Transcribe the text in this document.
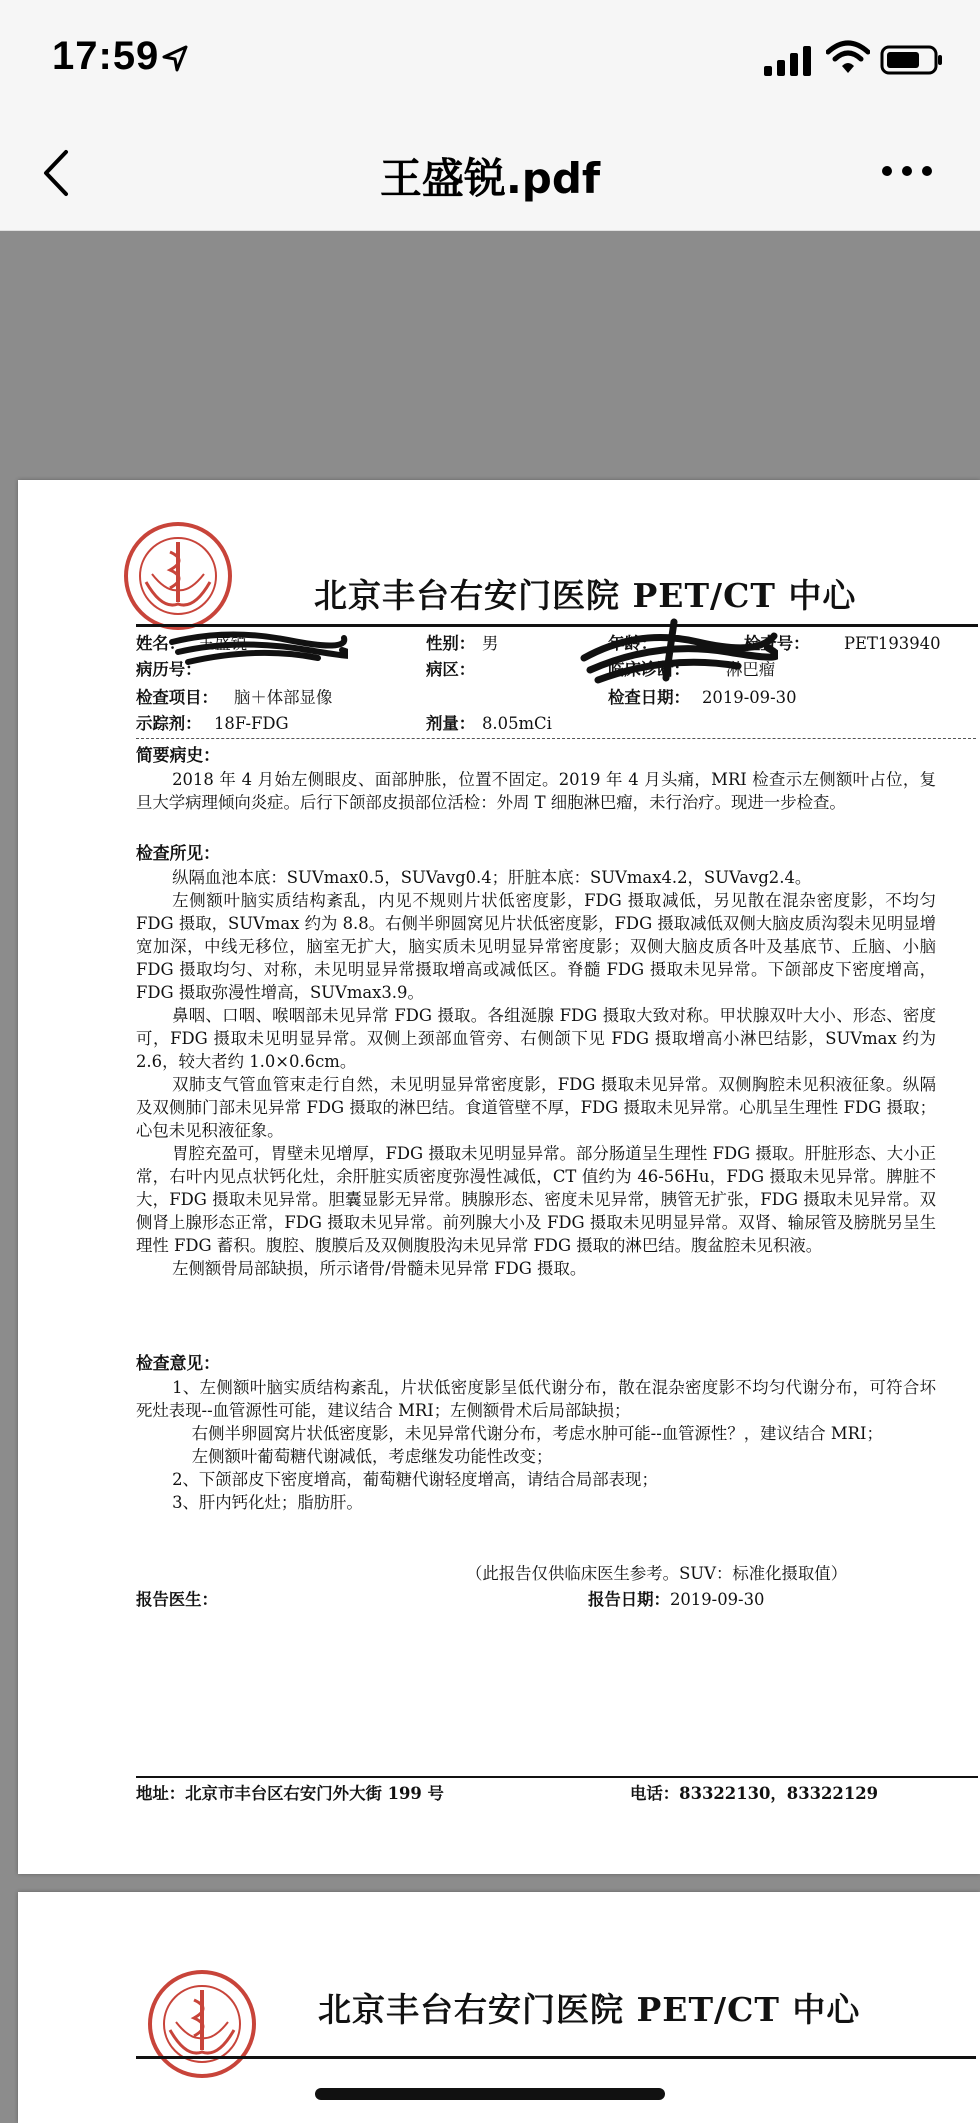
17:59
王盛锐.pdf
北京丰台右安门医院 PET/CT 中心
姓名： 王盛锐	性别： 男	年龄：	检查号： PET193940
病历号：	病区：	临床诊断： 淋巴瘤
检查项目： 脑＋体部显像	检查日期： 2019-09-30
示踪剂： 18F-FDG	剂量： 8.05mCi
简要病史：
2018 年 4 月始左侧眼皮、面部肿胀，位置不固定。2019 年 4 月头痛，MRI 检查示左侧额叶占位，复旦大学病理倾向炎症。后行下颌部皮损部位活检：外周 T 细胞淋巴瘤，未行治疗。现进一步检查。
检查所见：

纵隔血池本底：SUVmax0.5，SUVavg0.4；肝脏本底：SUVmax4.2，SUVavg2.4。

左侧额叶脑实质结构紊乱，内见不规则片状低密度影，FDG 摄取减低，另见散在混杂密度影，不均匀 FDG 摄取，SUVmax 约为 8.8。右侧半卵圆窝见片状低密度影，FDG 摄取减低双侧大脑皮质沟裂未见明显增宽加深，中线无移位，脑室无扩大，脑实质未见明显异常密度影；双侧大脑皮质各叶及基底节、丘脑、小脑 FDG 摄取均匀、对称，未见明显异常摄取增高或减低区。脊髓 FDG 摄取未见异常。下颌部皮下密度增高，FDG 摄取弥漫性增高，SUVmax3.9。

鼻咽、口咽、喉咽部未见异常 FDG 摄取。各组涎腺 FDG 摄取大致对称。甲状腺双叶大小、形态、密度可，FDG 摄取未见明显异常。双侧上颈部血管旁、右侧颌下见 FDG 摄取增高小淋巴结影，SUVmax 约为 2.6，较大者约 1.0×0.6cm。

双肺支气管血管束走行自然，未见明显异常密度影，FDG 摄取未见异常。双侧胸腔未见积液征象。纵隔及双侧肺门部未见异常 FDG 摄取的淋巴结。食道管壁不厚，FDG 摄取未见异常。心肌呈生理性 FDG 摄取；心包未见积液征象。

胃腔充盈可，胃壁未见增厚，FDG 摄取未见明显异常。部分肠道呈生理性 FDG 摄取。肝脏形态、大小正常，右叶内见点状钙化灶，余肝脏实质密度弥漫性减低，CT 值约为 46-56Hu，FDG 摄取未见异常。脾脏不大，FDG 摄取未见异常。胆囊显影无异常。胰腺形态、密度未见异常，胰管无扩张，FDG 摄取未见异常。双侧肾上腺形态正常，FDG 摄取未见异常。前列腺大小及 FDG 摄取未见明显异常。双肾、输尿管及膀胱另呈生理性 FDG 蓄积。腹腔、腹膜后及双侧腹股沟未见异常 FDG 摄取的淋巴结。腹盆腔未见积液。

左侧额骨局部缺损，所示诸骨/骨髓未见异常 FDG 摄取。

检查意见：

1、左侧额叶脑实质结构紊乱，片状低密度影呈低代谢分布，散在混杂密度影不均匀代谢分布，可符合坏死灶表现--血管源性可能，建议结合 MRI；左侧额骨术后局部缺损；

右侧半卵圆窝片状低密度影，未见异常代谢分布，考虑水肿可能--血管源性？，建议结合 MRI；

左侧额叶葡萄糖代谢减低，考虑继发功能性改变；

2、下颌部皮下密度增高，葡萄糖代谢轻度增高，请结合局部表现；

3、肝内钙化灶；脂肪肝。

（此报告仅供临床医生参考。SUV：标准化摄取值）
报告医生：	报告日期：2019-09-30
地址：北京市丰台区右安门外大街 199 号	电话：83322130，83322129
北京丰台右安门医院 PET/CT 中心
